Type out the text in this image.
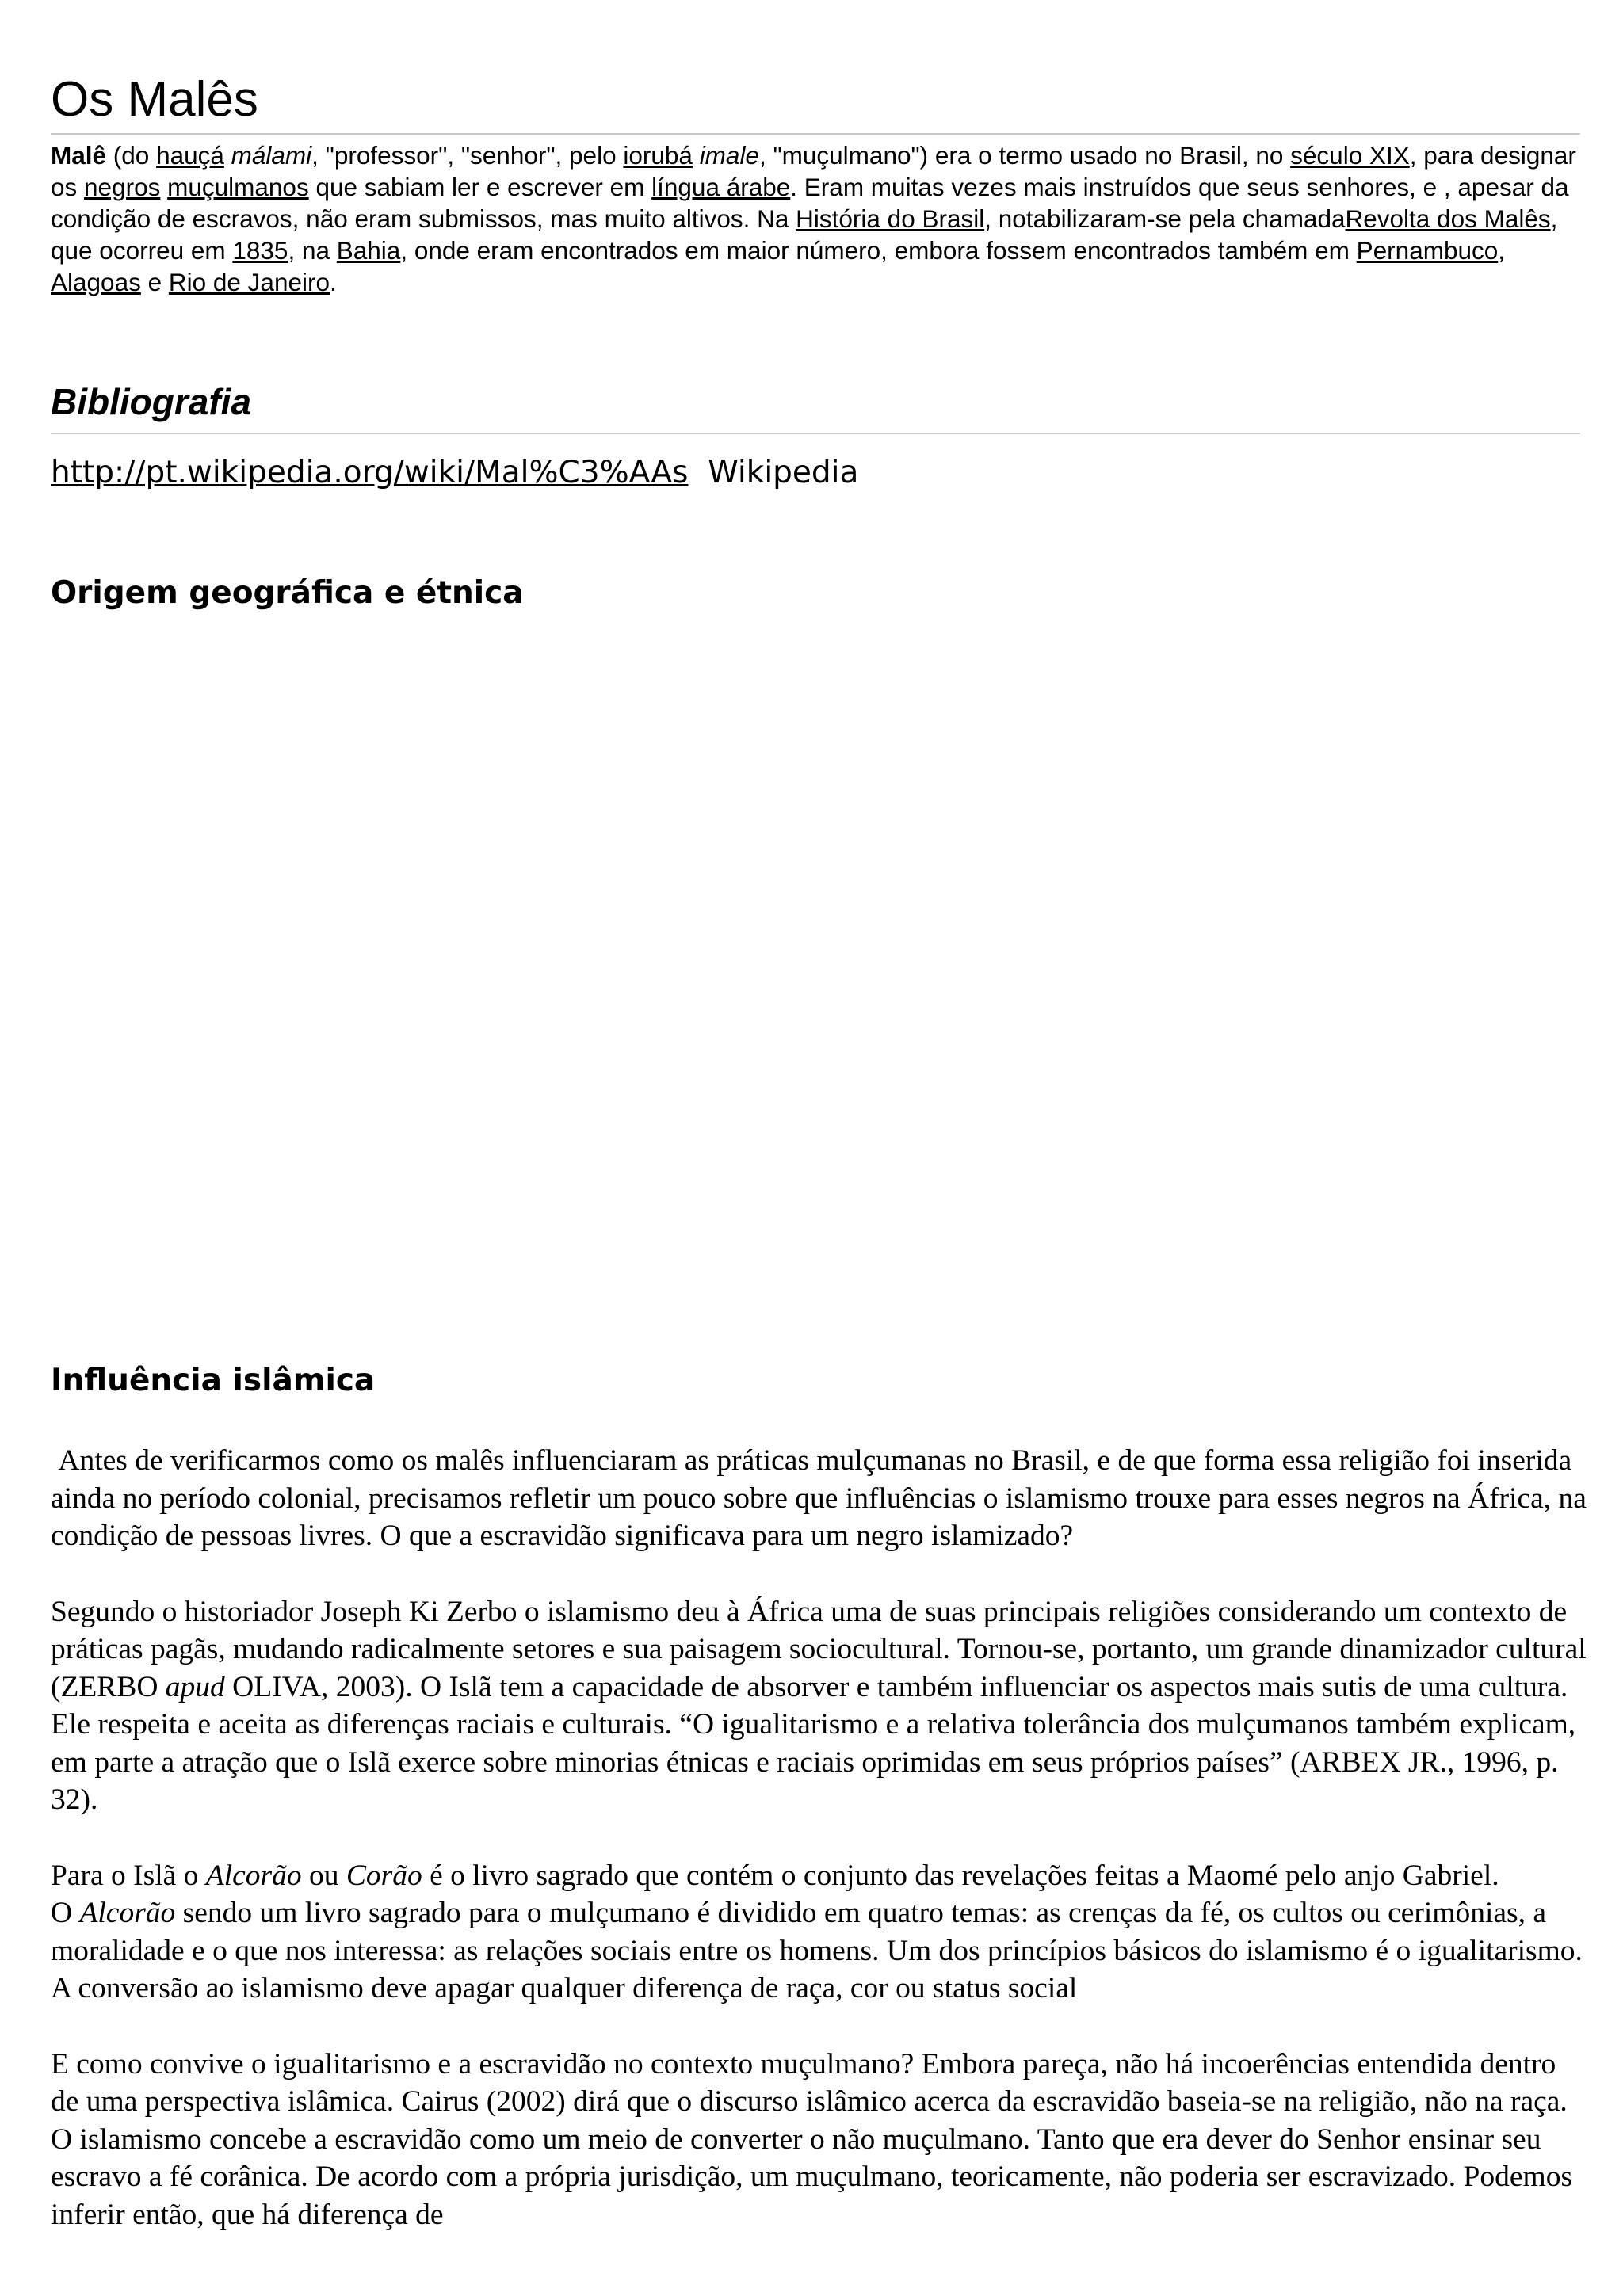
Os Malês

Malê (do hauçá málami, "professor", "senhor", pelo iorubá imale, "muçulmano") era o termo usado no Brasil, no século XIX, para designar os negros muçulmanos que sabiam ler e escrever em língua árabe. Eram muitas vezes mais instruídos que seus senhores, e , apesar da condição de escravos, não eram submissos, mas muito altivos. Na História do Brasil, notabilizaram-se pela chamadaRevolta dos Malês, que ocorreu em 1835, na Bahia, onde eram encontrados em maior número, embora fossem encontrados também em Pernambuco, Alagoas e Rio de Janeiro.

Bibliografia

http://pt.wikipedia.org/wiki/Mal%C3%AAs  Wikipedia

Origem geográfica e étnica
Influência islâmica

Antes de verificarmos como os malês influenciaram as práticas mulçumanas no Brasil, e de que forma essa religião foi inserida ainda no período colonial, precisamos refletir um pouco sobre que influências o islamismo trouxe para esses negros na África, na condição de pessoas livres. O que a escravidão significava para um negro islamizado?

Segundo o historiador Joseph Ki Zerbo o islamismo deu à África uma de suas principais religiões considerando um contexto de práticas pagãs, mudando radicalmente setores e sua paisagem sociocultural. Tornou-se, portanto, um grande dinamizador cultural (ZERBO apud OLIVA, 2003). O Islã tem a capacidade de absorver e também influenciar os aspectos mais sutis de uma cultura. Ele respeita e aceita as diferenças raciais e culturais. “O igualitarismo e a relativa tolerância dos mulçumanos também explicam, em parte a atração que o Islã exerce sobre minorias étnicas e raciais oprimidas em seus próprios países” (ARBEX JR., 1996, p. 32).

Para o Islã o Alcorão ou Corão é o livro sagrado que contém o conjunto das revelações feitas a Maomé pelo anjo Gabriel.           O Alcorão sendo um livro sagrado para o mulçumano é dividido em quatro temas: as crenças da fé, os cultos ou cerimônias, a moralidade e o que nos interessa: as relações sociais entre os homens. Um dos princípios básicos do islamismo é o igualitarismo. A conversão ao islamismo deve apagar qualquer diferença de raça, cor ou status social

E como convive o igualitarismo e a escravidão no contexto muçulmano? Embora pareça, não há incoerências entendida dentro de uma perspectiva islâmica. Cairus (2002) dirá que o discurso islâmico acerca da escravidão baseia-se na religião, não na raça. O islamismo concebe a escravidão como um meio de converter o não muçulmano. Tanto que era dever do Senhor ensinar seu escravo a fé corânica. De acordo com a própria jurisdição, um muçulmano, teoricamente, não poderia ser escravizado. Podemos inferir então, que há diferença de
